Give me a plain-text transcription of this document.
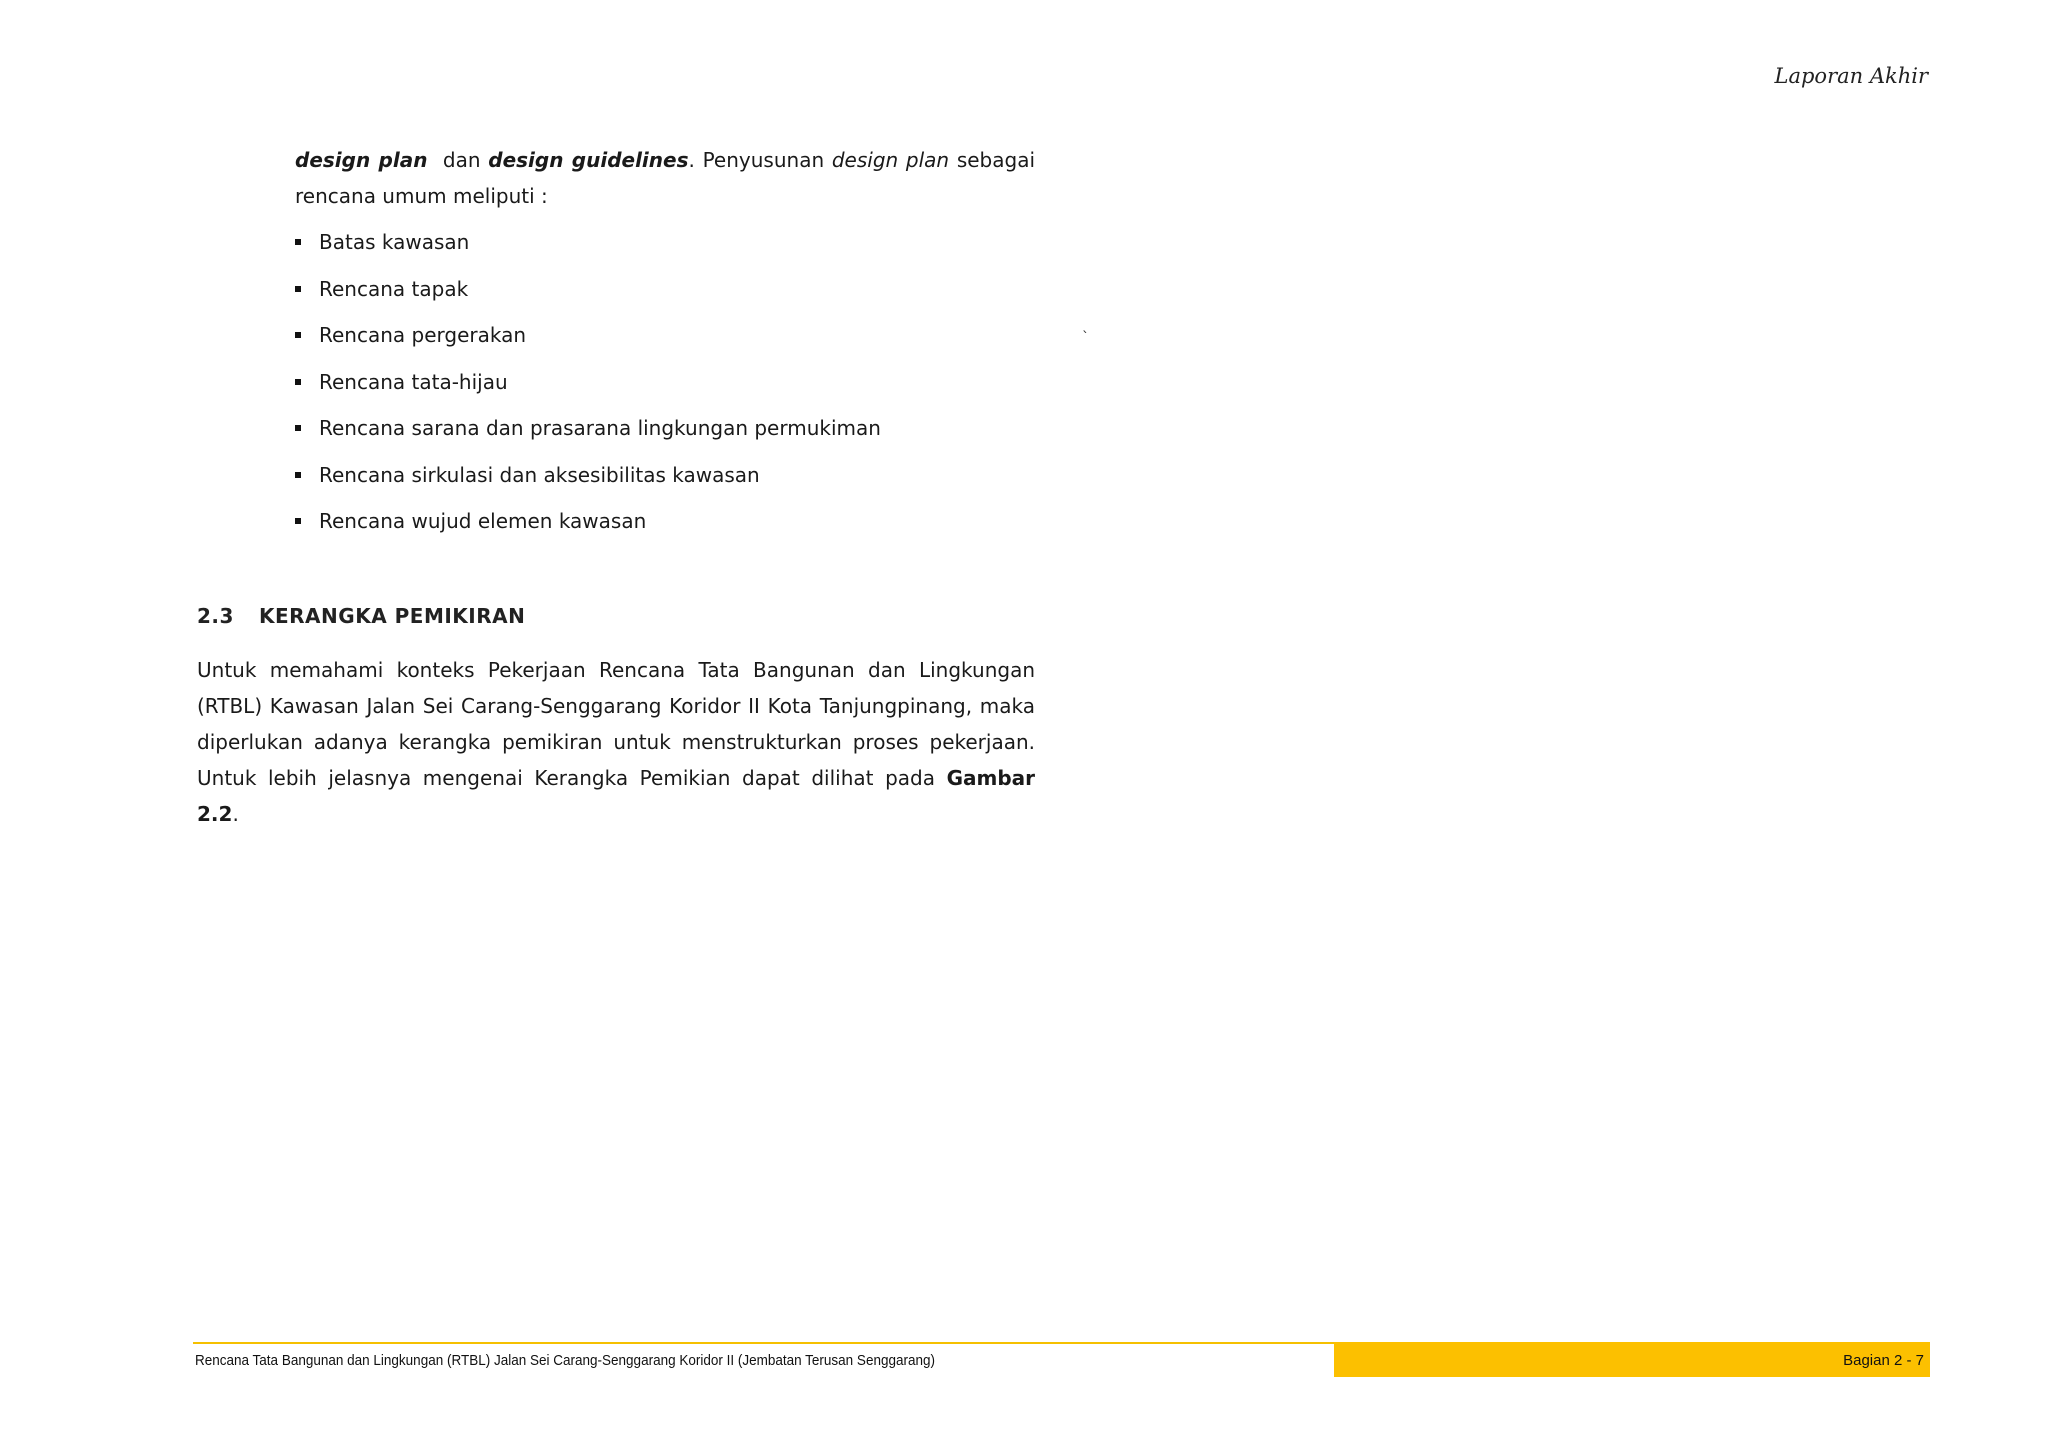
Laporan Akhir

design plan dan design guidelines. Penyusunan design plan sebagai rencana umum meliputi :

Batas kawasan
Rencana tapak
Rencana pergerakan
Rencana tata-hijau
Rencana sarana dan prasarana lingkungan permukiman
Rencana sirkulasi dan aksesibilitas kawasan
Rencana wujud elemen kawasan
`
2.3 KERANGKA PEMIKIRAN

Untuk memahami konteks Pekerjaan Rencana Tata Bangunan dan Lingkungan (RTBL) Kawasan Jalan Sei Carang-Senggarang Koridor II Kota Tanjungpinang, maka diperlukan adanya kerangka pemikiran untuk menstrukturkan proses pekerjaan. Untuk lebih jelasnya mengenai Kerangka Pemikian dapat dilihat pada Gambar 2.2.

Rencana Tata Bangunan dan Lingkungan (RTBL) Jalan Sei Carang-Senggarang Koridor II (Jembatan Terusan Senggarang)	Bagian 2 - 7
